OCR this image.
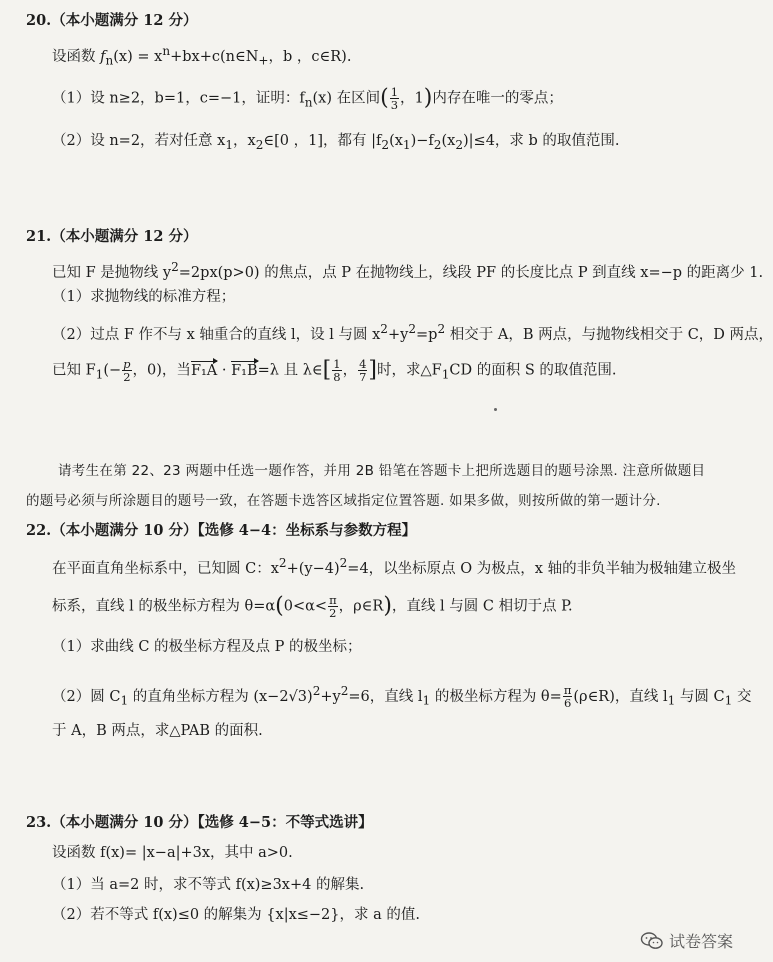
20.（本小题满分 12 分）
设函数 $f_n(x)$ = $x^n+bx+c(n\in N_+$，b ，c∈R).
（1）设 n≥2，b=1，c=−1，证明：$f_n(x)$ 在区间( $\frac{1}{3}$ ，1)内存在唯一的零点；
（2）设 n=2，若对任意 $x_1$，$x_2\in[0$ ，1]，都有 $|f_2(x_1)-f_2(x_2)|\le 4$，求 b 的取值范围.
21.（本小题满分 12 分）
已知 F 是抛物线 $y^2=2px(p>0)$ 的焦点，点 P 在抛物线上，线段 PF 的长度比点 P 到直线 x=−p 的距离少 1.
（1）求抛物线的标准方程；
（2）过点 F 作不与 x 轴重合的直线 l，设 l 与圆 $x^2+y^2=p^2$ 相交于 A，B 两点，与抛物线相交于 C，D 两点，
已知 $F_1(- \frac{p}{2}$ ，0)，当F₁A · F₁B=λ 且 λ∈[ $\frac{1}{8}$ ， $\frac{4}{7}$ ]时，求$\triangle F_1CD$ 的面积 S 的取值范围.
请考生在第 22、23 两题中任选一题作答，并用 2B 铅笔在答题卡上把所选题目的题号涂黑. 注意所做题目
的题号必须与所涂题目的题号一致，在答题卡选答区域指定位置答题. 如果多做，则按所做的第一题计分.
22.（本小题满分 10 分）【选修 4−4：坐标系与参数方程】
在平面直角坐标系中，已知圆 C：$x^2+(y-4)^2=4$，以坐标原点 O 为极点，x 轴的非负半轴为极轴建立极坐
标系，直线 l 的极坐标方程为 $\theta=\alpha(0<\alpha< \frac{\pi}{2}$ ，ρ∈R)，直线 l 与圆 C 相切于点 P.
（1）求曲线 C 的极坐标方程及点 P 的极坐标；
（2）圆 $C_1$ 的直角坐标方程为 $(x-2√3)^2+y^2=6$，直线 $l_1$ 的极坐标方程为 $\theta= \frac{\pi}{6}$ (ρ∈R)，直线 $l_1$ 与圆 $C_1$ 交
于 A，B 两点，求△PAB 的面积.
23.（本小题满分 10 分）【选修 4−5：不等式选讲】
设函数 f(x)= |x−a|+3x，其中 a>0.
（1）当 a=2 时，求不等式 f(x)≥3x+4 的解集.
（2）若不等式 f(x)≤0 的解集为 {x|x≤−2}，求 a 的值.
试卷答案
